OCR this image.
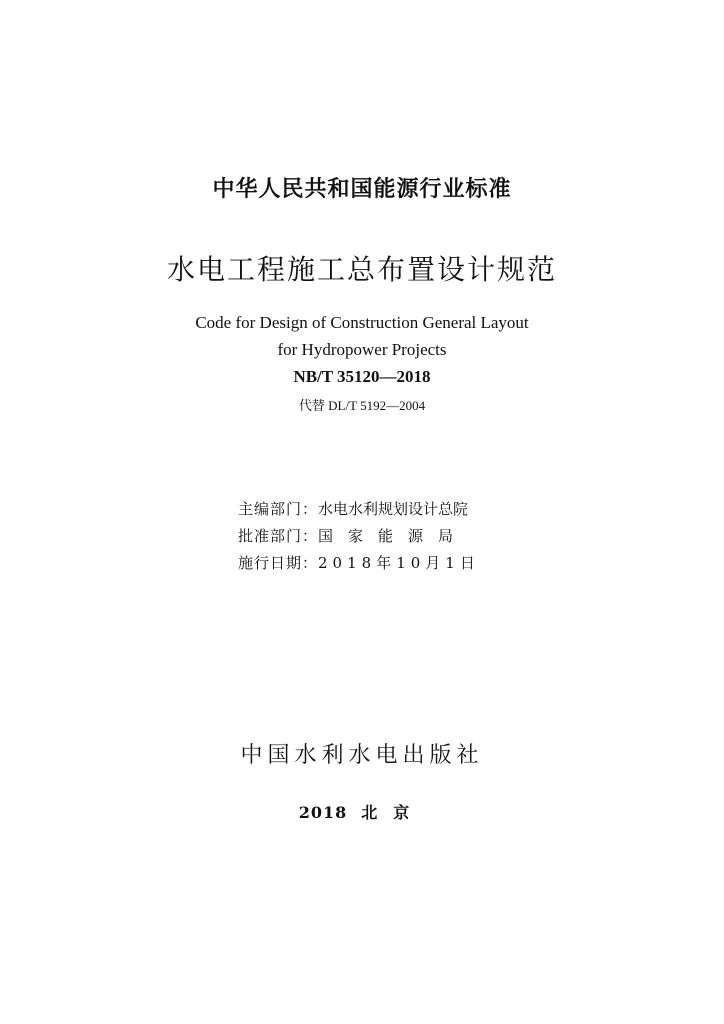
中华人民共和国能源行业标准
水电工程施工总布置设计规范
Code for Design of Construction General Layout
for Hydropower Projects
NB/T 35120—2018
代替 DL/T 5192—2004
主编部门：水电水利规划设计总院
批准部门：国家能源局
施行日期：2018年10月1日
中国水利水电出版社
2018 北京
